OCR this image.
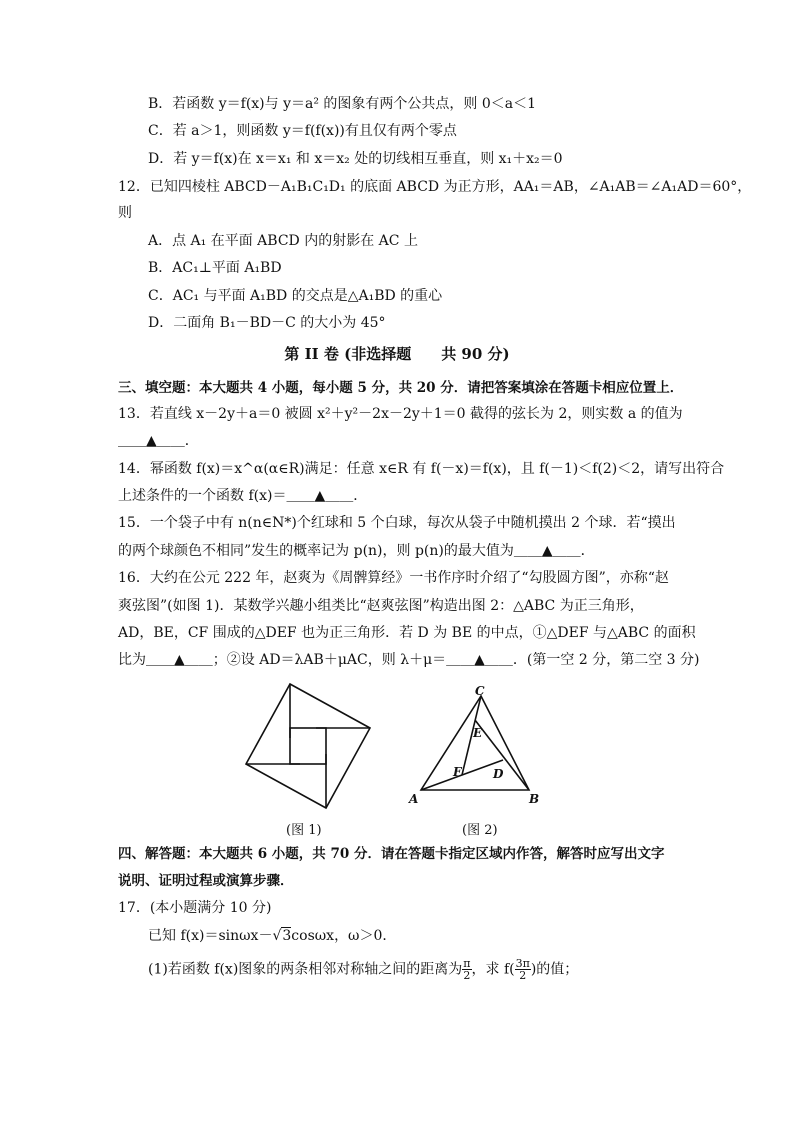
B．若函数 y＝f(x)与 y＝a² 的图象有两个公共点，则 0＜a＜1
C．若 a＞1，则函数 y＝f(f(x))有且仅有两个零点
D．若 y＝f(x)在 x＝x₁ 和 x＝x₂ 处的切线相互垂直，则 x₁＋x₂＝0
12．已知四棱柱 ABCD－A₁B₁C₁D₁ 的底面 ABCD 为正方形，AA₁＝AB，∠A₁AB＝∠A₁AD＝60°，
则
A．点 A₁ 在平面 ABCD 内的射影在 AC 上
B．AC₁⊥平面 A₁BD
C．AC₁ 与平面 A₁BD 的交点是△A₁BD 的重心
D．二面角 B₁－BD－C 的大小为 45°
第 II 卷 (非选择题　　共 90 分)
三、填空题：本大题共 4 小题，每小题 5 分，共 20 分．请把答案填涂在答题卡相应位置上．
13．若直线 x－2y＋a＝0 被圆 x²＋y²－2x－2y＋1＝0 截得的弦长为 2，则实数 a 的值为
＿＿▲＿＿．
14．幂函数 f(x)＝x^α(α∈R)满足：任意 x∈R 有 f(－x)＝f(x)，且 f(－1)＜f(2)＜2，请写出符合
上述条件的一个函数 f(x)＝＿＿▲＿＿．
15．一个袋子中有 n(n∈N*)个红球和 5 个白球，每次从袋子中随机摸出 2 个球．若“摸出
的两个球颜色不相同”发生的概率记为 p(n)，则 p(n)的最大值为＿＿▲＿＿．
16．大约在公元 222 年，赵爽为《周髀算经》一书作序时介绍了“勾股圆方图”，亦称“赵
爽弦图”(如图 1)．某数学兴趣小组类比“赵爽弦图”构造出图 2：△ABC 为正三角形，
AD，BE，CF 围成的△DEF 也为正三角形．若 D 为 BE 的中点，①△DEF 与△ABC 的面积
比为＿＿▲＿＿；②设 AD＝λAB＋μAC，则 λ＋μ＝＿＿▲＿＿．(第一空 2 分，第二空 3 分)
(图 1)
C
E
F	D
A	B
(图 2)
四、解答题：本大题共 6 小题，共 70 分．请在答题卡指定区域内作答，解答时应写出文字
说明、证明过程或演算步骤．
17．(本小题满分 10 分)
已知 f(x)＝sinωx－√3cosωx，ω＞0．
(1)若函数 f(x)图象的两条相邻对称轴之间的距离为 $\frac{\pi}{2}$ ，求 $f( \frac{3\pi}{2}$ )的值；
